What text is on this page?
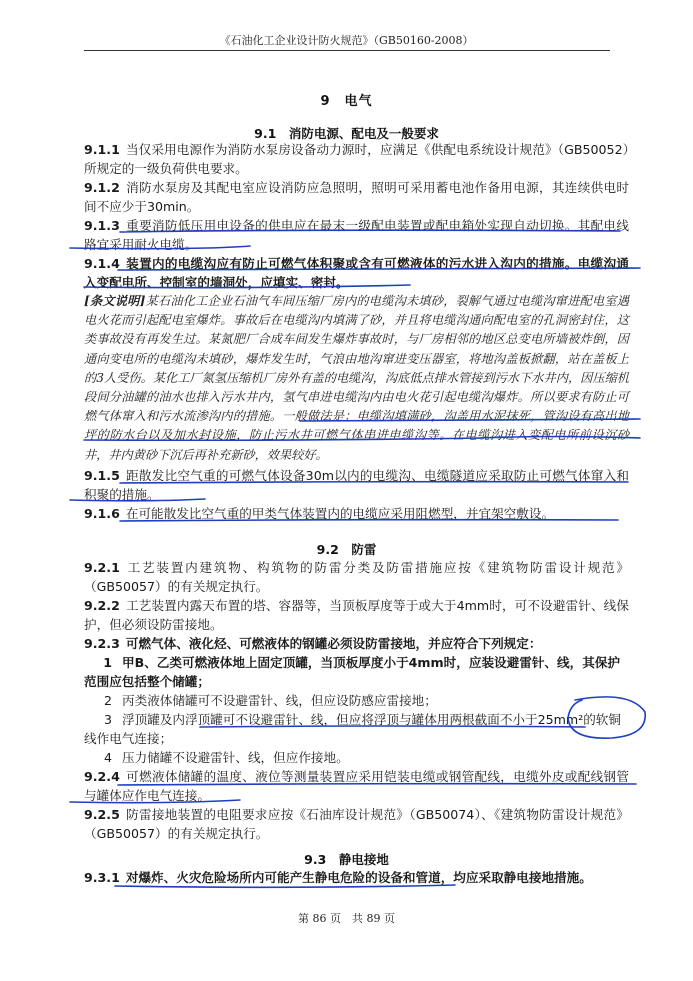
《石油化工企业设计防火规范》（GB50160-2008）
9　电气
9.1　消防电源、配电及一般要求
9.1.1 当仅采用电源作为消防水泵房设备动力源时，应满足《供配电系统设计规范》（GB50052）所规定的一级负荷供电要求。
9.1.2 消防水泵房及其配电室应设消防应急照明，照明可采用蓄电池作备用电源，其连续供电时间不应少于30min。
9.1.3 重要消防低压用电设备的供电应在最末一级配电装置或配电箱处实现自动切换。其配电线路宜采用耐火电缆。
9.1.4 装置内的电缆沟应有防止可燃气体积聚或含有可燃液体的污水进入沟内的措施。电缆沟通入变配电所、控制室的墙洞处，应填实、密封。
[条文说明]某石油化工企业石油气车间压缩厂房内的电缆沟未填砂，裂解气通过电缆沟窜进配电室遇电火花而引起配电室爆炸。事故后在电缆沟内填满了砂，并且将电缆沟通向配电室的孔洞密封住，这类事故没有再发生过。某氮肥厂合成车间发生爆炸事故时，与厂房相邻的地区总变电所墙被炸倒，因通向变电所的电缆沟未填砂，爆炸发生时，气浪由地沟窜进变压器室，将地沟盖板掀翻，站在盖板上的3人受伤。某化工厂氮氢压缩机厂房外有盖的电缆沟，沟底低点排水管接到污水下水井内，因压缩机段间分油罐的油水也排入污水井内，氢气串进电缆沟内由电火花引起电缆沟爆炸。所以要求有防止可燃气体窜入和污水流渗沟内的措施。一般做法是：电缆沟填满砂，沟盖用水泥抹死，管沟设有高出地坪的防水台以及加水封设施，防止污水井可燃气体串进电缆沟等。在电缆沟进入变配电所前设沉砂井，井内黄砂下沉后再补充新砂，效果较好。
9.1.5 距散发比空气重的可燃气体设备30m以内的电缆沟、电缆隧道应采取防止可燃气体窜入和积聚的措施。
9.1.6 在可能散发比空气重的甲类气体装置内的电缆应采用阻燃型，并宜架空敷设。
9.2　防雷
9.2.1 工艺装置内建筑物、构筑物的防雷分类及防雷措施应按《建筑物防雷设计规范》（GB50057）的有关规定执行。
9.2.2 工艺装置内露天布置的塔、容器等，当顶板厚度等于或大于4mm时，可不设避雷针、线保护，但必须设防雷接地。
9.2.3 可燃气体、液化烃、可燃液体的钢罐必须设防雷接地，并应符合下列规定：
1 甲B、乙类可燃液体地上固定顶罐，当顶板厚度小于4mm时，应装设避雷针、线，其保护范围应包括整个储罐；
2 丙类液体储罐可不设避雷针、线，但应设防感应雷接地；
3 浮顶罐及内浮顶罐可不设避雷针、线，但应将浮顶与罐体用两根截面不小于25mm²的软铜线作电气连接；
4 压力储罐不设避雷针、线，但应作接地。
9.2.4 可燃液体储罐的温度、液位等测量装置应采用铠装电缆或钢管配线，电缆外皮或配线钢管与罐体应作电气连接。
9.2.5 防雷接地装置的电阻要求应按《石油库设计规范》（GB50074）、《建筑物防雷设计规范》（GB50057）的有关规定执行。
9.3　静电接地
9.3.1 对爆炸、火灾危险场所内可能产生静电危险的设备和管道，均应采取静电接地措施。
第 86 页　共 89 页
